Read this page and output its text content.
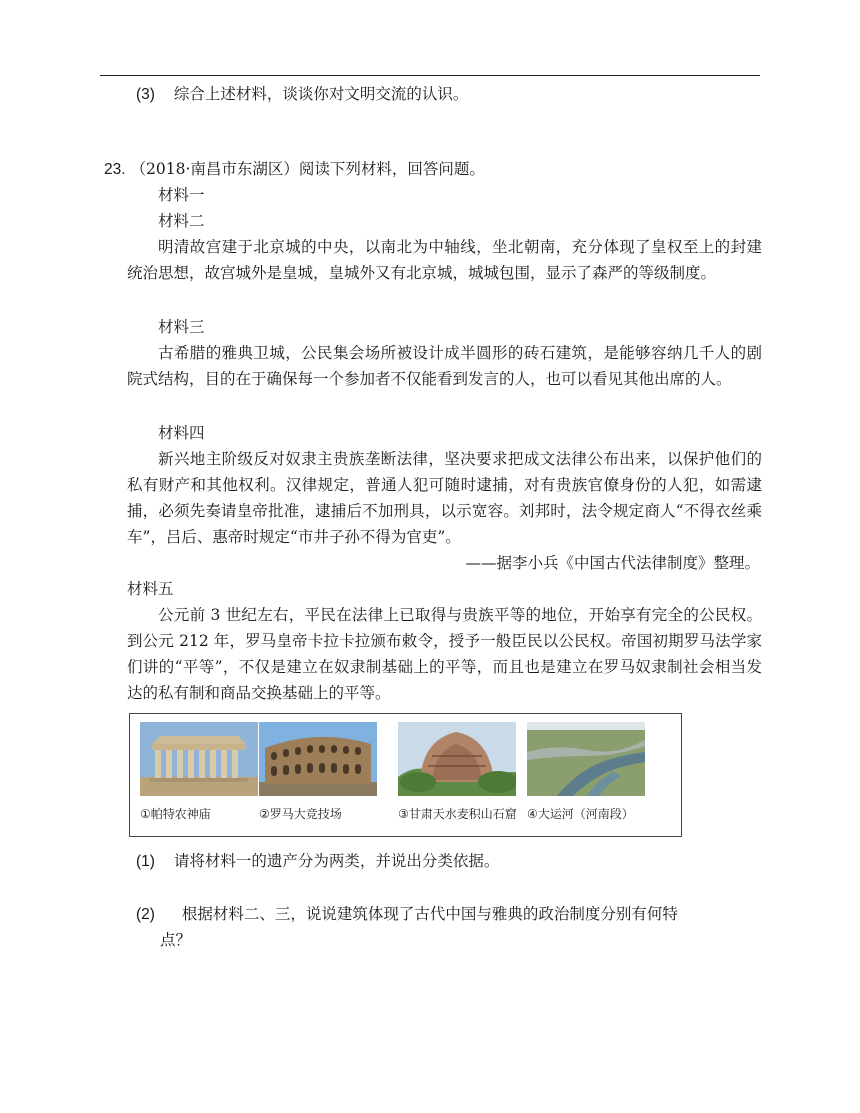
(3) 综合上述材料，谈谈你对文明交流的认识。
23. （2018·南昌市东湖区）阅读下列材料，回答问题。
材料一
材料二
明清故宫建于北京城的中央，以南北为中轴线，坐北朝南，充分体现了皇权至上的封建统治思想，故宫城外是皇城，皇城外又有北京城，城城包围，显示了森严的等级制度。
材料三
古希腊的雅典卫城，公民集会场所被设计成半圆形的砖石建筑，是能够容纳几千人的剧院式结构，目的在于确保每一个参加者不仅能看到发言的人，也可以看见其他出席的人。
材料四
新兴地主阶级反对奴隶主贵族垄断法律，坚决要求把成文法律公布出来，以保护他们的私有财产和其他权利。汉律规定，普通人犯可随时逮捕，对有贵族官僚身份的人犯，如需逮捕，必须先奏请皇帝批准，逮捕后不加刑具，以示宽容。刘邦时，法令规定商人“不得衣丝乘车”，吕后、惠帝时规定“市井子孙不得为官吏”。
——据李小兵《中国古代法律制度》整理。
材料五
公元前 3 世纪左右，平民在法律上已取得与贵族平等的地位，开始享有完全的公民权。到公元 212 年，罗马皇帝卡拉卡拉颁布敕令，授予一般臣民以公民权。帝国初期罗马法学家们讲的“平等”，不仅是建立在奴隶制基础上的平等，而且也是建立在罗马奴隶制社会相当发达的私有制和商品交换基础上的平等。
①帕特农神庙	②罗马大竞技场	③甘肃天水麦积山石窟 ④大运河（河南段）
(1) 请将材料一的遗产分为两类，并说出分类依据。
(2) 根据材料二、三，说说建筑体现了古代中国与雅典的政治制度分别有何特
点？
